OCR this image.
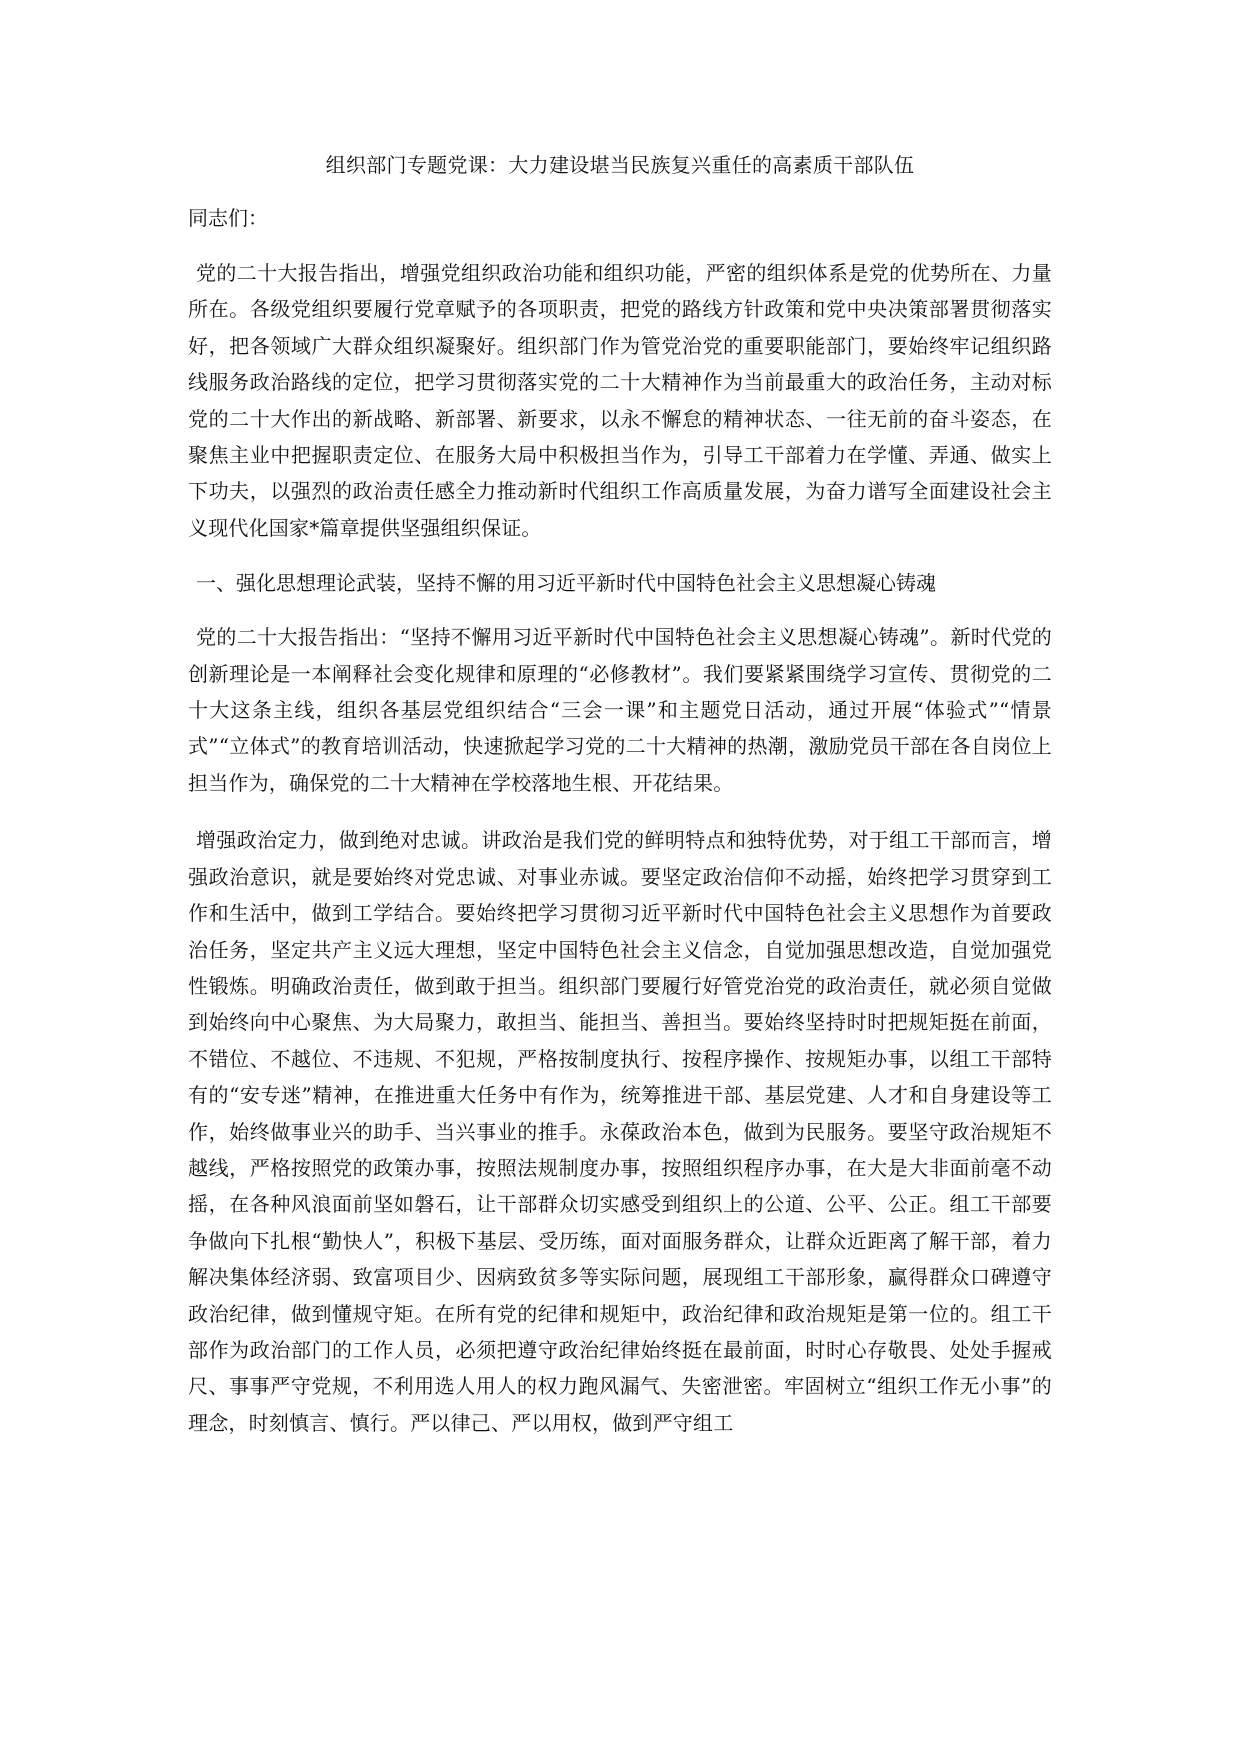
组织部门专题党课：大力建设堪当民族复兴重任的高素质干部队伍
同志们：

党的二十大报告指出，增强党组织政治功能和组织功能，严密的组织体系是党的优势所在、力量所在。各级党组织要履行党章赋予的各项职责，把党的路线方针政策和党中央决策部署贯彻落实好，把各领域广大群众组织凝聚好。组织部门作为管党治党的重要职能部门，要始终牢记组织路线服务政治路线的定位，把学习贯彻落实党的二十大精神作为当前最重大的政治任务，主动对标党的二十大作出的新战略、新部署、新要求，以永不懈怠的精神状态、一往无前的奋斗姿态，在聚焦主业中把握职责定位、在服务大局中积极担当作为，引导工干部着力在学懂、弄通、做实上下功夫，以强烈的政治责任感全力推动新时代组织工作高质量发展，为奋力谱写全面建设社会主义现代化国家*篇章提供坚强组织保证。

一、强化思想理论武装，坚持不懈的用习近平新时代中国特色社会主义思想凝心铸魂

党的二十大报告指出：“坚持不懈用习近平新时代中国特色社会主义思想凝心铸魂”。新时代党的创新理论是一本阐释社会变化规律和原理的“必修教材”。我们要紧紧围绕学习宣传、贯彻党的二十大这条主线，组织各基层党组织结合“三会一课”和主题党日活动，通过开展“体验式”“情景式”“立体式”的教育培训活动，快速掀起学习党的二十大精神的热潮，激励党员干部在各自岗位上担当作为，确保党的二十大精神在学校落地生根、开花结果。

增强政治定力，做到绝对忠诚。讲政治是我们党的鲜明特点和独特优势，对于组工干部而言，增强政治意识，就是要始终对党忠诚、对事业赤诚。要坚定政治信仰不动摇，始终把学习贯穿到工作和生活中，做到工学结合。要始终把学习贯彻习近平新时代中国特色社会主义思想作为首要政治任务，坚定共产主义远大理想，坚定中国特色社会主义信念，自觉加强思想改造，自觉加强党性锻炼。明确政治责任，做到敢于担当。组织部门要履行好管党治党的政治责任，就必须自觉做到始终向中心聚焦、为大局聚力，敢担当、能担当、善担当。要始终坚持时时把规矩挺在前面，不错位、不越位、不违规、不犯规，严格按制度执行、按程序操作、按规矩办事，以组工干部特有的“安专迷”精神，在推进重大任务中有作为，统筹推进干部、基层党建、人才和自身建设等工作，始终做事业兴的助手、当兴事业的推手。永葆政治本色，做到为民服务。要坚守政治规矩不越线，严格按照党的政策办事，按照法规制度办事，按照组织程序办事，在大是大非面前毫不动摇，在各种风浪面前坚如磐石，让干部群众切实感受到组织上的公道、公平、公正。组工干部要争做向下扎根“勤快人”，积极下基层、受历练，面对面服务群众，让群众近距离了解干部，着力解决集体经济弱、致富项目少、因病致贫多等实际问题，展现组工干部形象，赢得群众口碑遵守政治纪律，做到懂规守矩。在所有党的纪律和规矩中，政治纪律和政治规矩是第一位的。组工干部作为政治部门的工作人员，必须把遵守政治纪律始终挺在最前面，时时心存敬畏、处处手握戒尺、事事严守党规，不利用选人用人的权力跑风漏气、失密泄密。牢固树立“组织工作无小事”的理念，时刻慎言、慎行。严以律己、严以用权，做到严守组工
